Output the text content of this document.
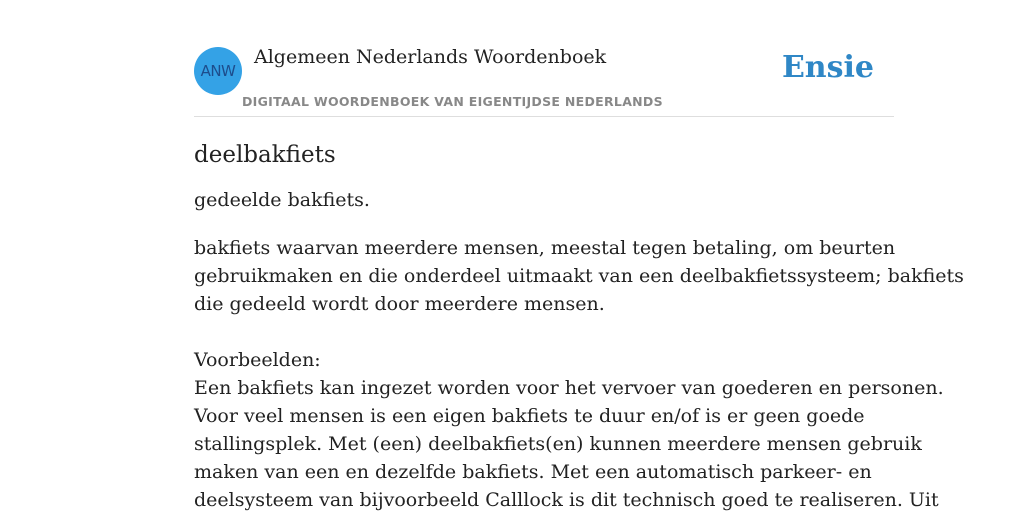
ANW
Algemeen Nederlands Woordenboek
DIGITAAL WOORDENBOEK VAN EIGENTIJDSE NEDERLANDS
Ensie
deelbakfiets

gedeelde bakfiets.

bakfiets waarvan meerdere mensen, meestal tegen betaling, om beurten
gebruikmaken en die onderdeel uitmaakt van een deelbakfietssysteem; bakfiets
die gedeeld wordt door meerdere mensen.
Voorbeelden:
Een bakfiets kan ingezet worden voor het vervoer van goederen en personen.
Voor veel mensen is een eigen bakfiets te duur en/of is er geen goede
stallingsplek. Met (een) deelbakfiets(en) kunnen meerdere mensen gebruik
maken van een en dezelfde bakfiets. Met een automatisch parkeer- en
deelsysteem van bijvoorbeeld Calllock is dit technisch goed te realiseren. Uit
